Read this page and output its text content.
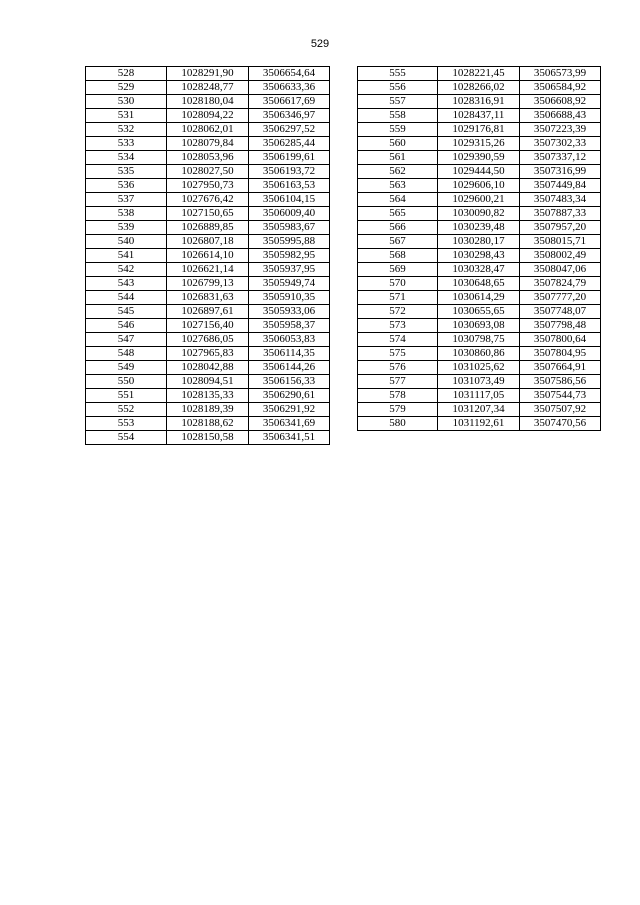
529
528	1028291,90	3506654,64
529	1028248,77	3506633,36
530	1028180,04	3506617,69
531	1028094,22	3506346,97
532	1028062,01	3506297,52
533	1028079,84	3506285,44
534	1028053,96	3506199,61
535	1028027,50	3506193,72
536	1027950,73	3506163,53
537	1027676,42	3506104,15
538	1027150,65	3506009,40
539	1026889,85	3505983,67
540	1026807,18	3505995,88
541	1026614,10	3505982,95
542	1026621,14	3505937,95
543	1026799,13	3505949,74
544	1026831,63	3505910,35
545	1026897,61	3505933,06
546	1027156,40	3505958,37
547	1027686,05	3506053,83
548	1027965,83	3506114,35
549	1028042,88	3506144,26
550	1028094,51	3506156,33
551	1028135,33	3506290,61
552	1028189,39	3506291,92
553	1028188,62	3506341,69
554	1028150,58	3506341,51
555	1028221,45	3506573,99
556	1028266,02	3506584,92
557	1028316,91	3506608,92
558	1028437,11	3506688,43
559	1029176,81	3507223,39
560	1029315,26	3507302,33
561	1029390,59	3507337,12
562	1029444,50	3507316,99
563	1029606,10	3507449,84
564	1029600,21	3507483,34
565	1030090,82	3507887,33
566	1030239,48	3507957,20
567	1030280,17	3508015,71
568	1030298,43	3508002,49
569	1030328,47	3508047,06
570	1030648,65	3507824,79
571	1030614,29	3507777,20
572	1030655,65	3507748,07
573	1030693,08	3507798,48
574	1030798,75	3507800,64
575	1030860,86	3507804,95
576	1031025,62	3507664,91
577	1031073,49	3507586,56
578	1031117,05	3507544,73
579	1031207,34	3507507,92
580	1031192,61	3507470,56
